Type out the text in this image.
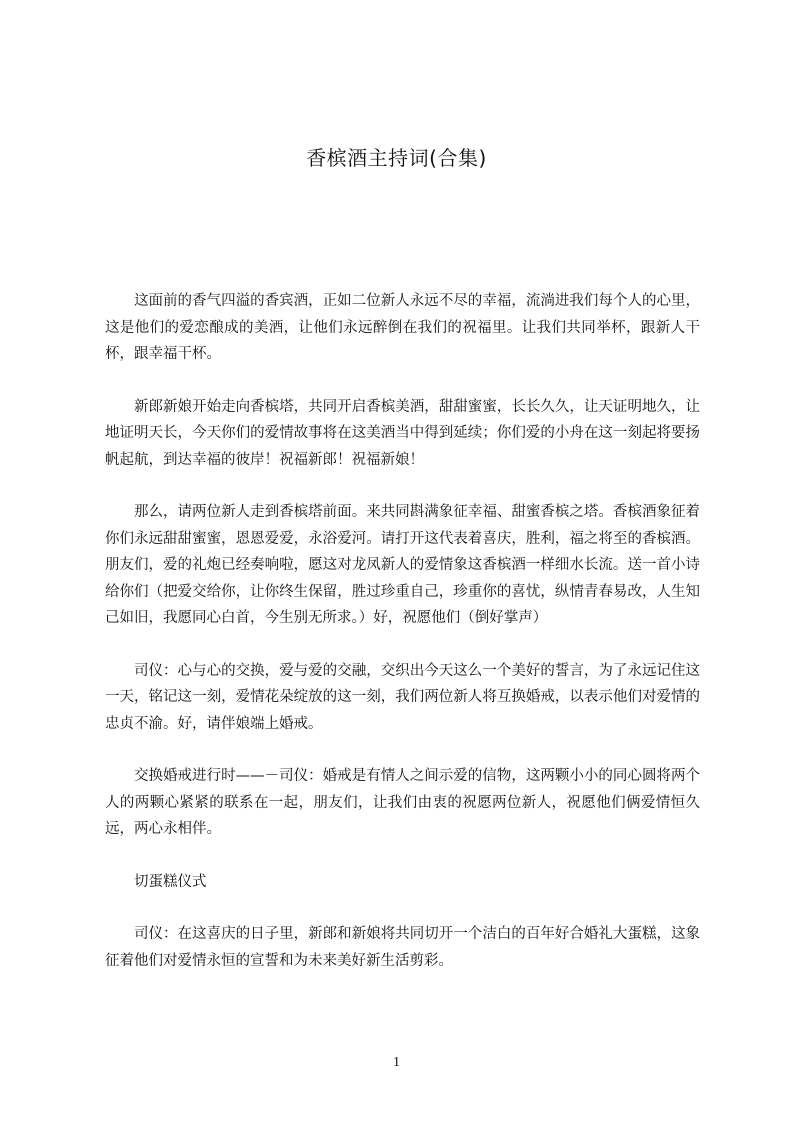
香槟酒主持词(合集)

这面前的香气四溢的香宾酒，正如二位新人永远不尽的幸福，流淌进我们每个人的心里，这是他们的爱恋酿成的美酒，让他们永远醉倒在我们的祝福里。让我们共同举杯，跟新人干杯，跟幸福干杯。

新郎新娘开始走向香槟塔，共同开启香槟美酒，甜甜蜜蜜，长长久久，让天证明地久，让地证明天长，今天你们的爱情故事将在这美酒当中得到延续；你们爱的小舟在这一刻起将要扬帆起航，到达幸福的彼岸！祝福新郎！祝福新娘！

那么，请两位新人走到香槟塔前面。来共同斟满象征幸福、甜蜜香槟之塔。香槟酒象征着你们永远甜甜蜜蜜，恩恩爱爱，永浴爱河。请打开这代表着喜庆，胜利，福之将至的香槟酒。朋友们，爱的礼炮已经奏响啦，愿这对龙凤新人的爱情象这香槟酒一样细水长流。送一首小诗给你们（把爱交给你，让你终生保留，胜过珍重自己，珍重你的喜忧，纵情青春易改，人生知己如旧，我愿同心白首，今生别无所求。）好，祝愿他们（倒好掌声）

司仪：心与心的交换，爱与爱的交融，交织出今天这么一个美好的誓言，为了永远记住这一天，铭记这一刻，爱情花朵绽放的这一刻，我们两位新人将互换婚戒，以表示他们对爱情的忠贞不渝。好，请伴娘端上婚戒。

交换婚戒进行时——－司仪：婚戒是有情人之间示爱的信物，这两颗小小的同心圆将两个人的两颗心紧紧的联系在一起，朋友们，让我们由衷的祝愿两位新人，祝愿他们俩爱情恒久远，两心永相伴。

切蛋糕仪式

司仪：在这喜庆的日子里，新郎和新娘将共同切开一个洁白的百年好合婚礼大蛋糕，这象征着他们对爱情永恒的宣誓和为未来美好新生活剪彩。

1
